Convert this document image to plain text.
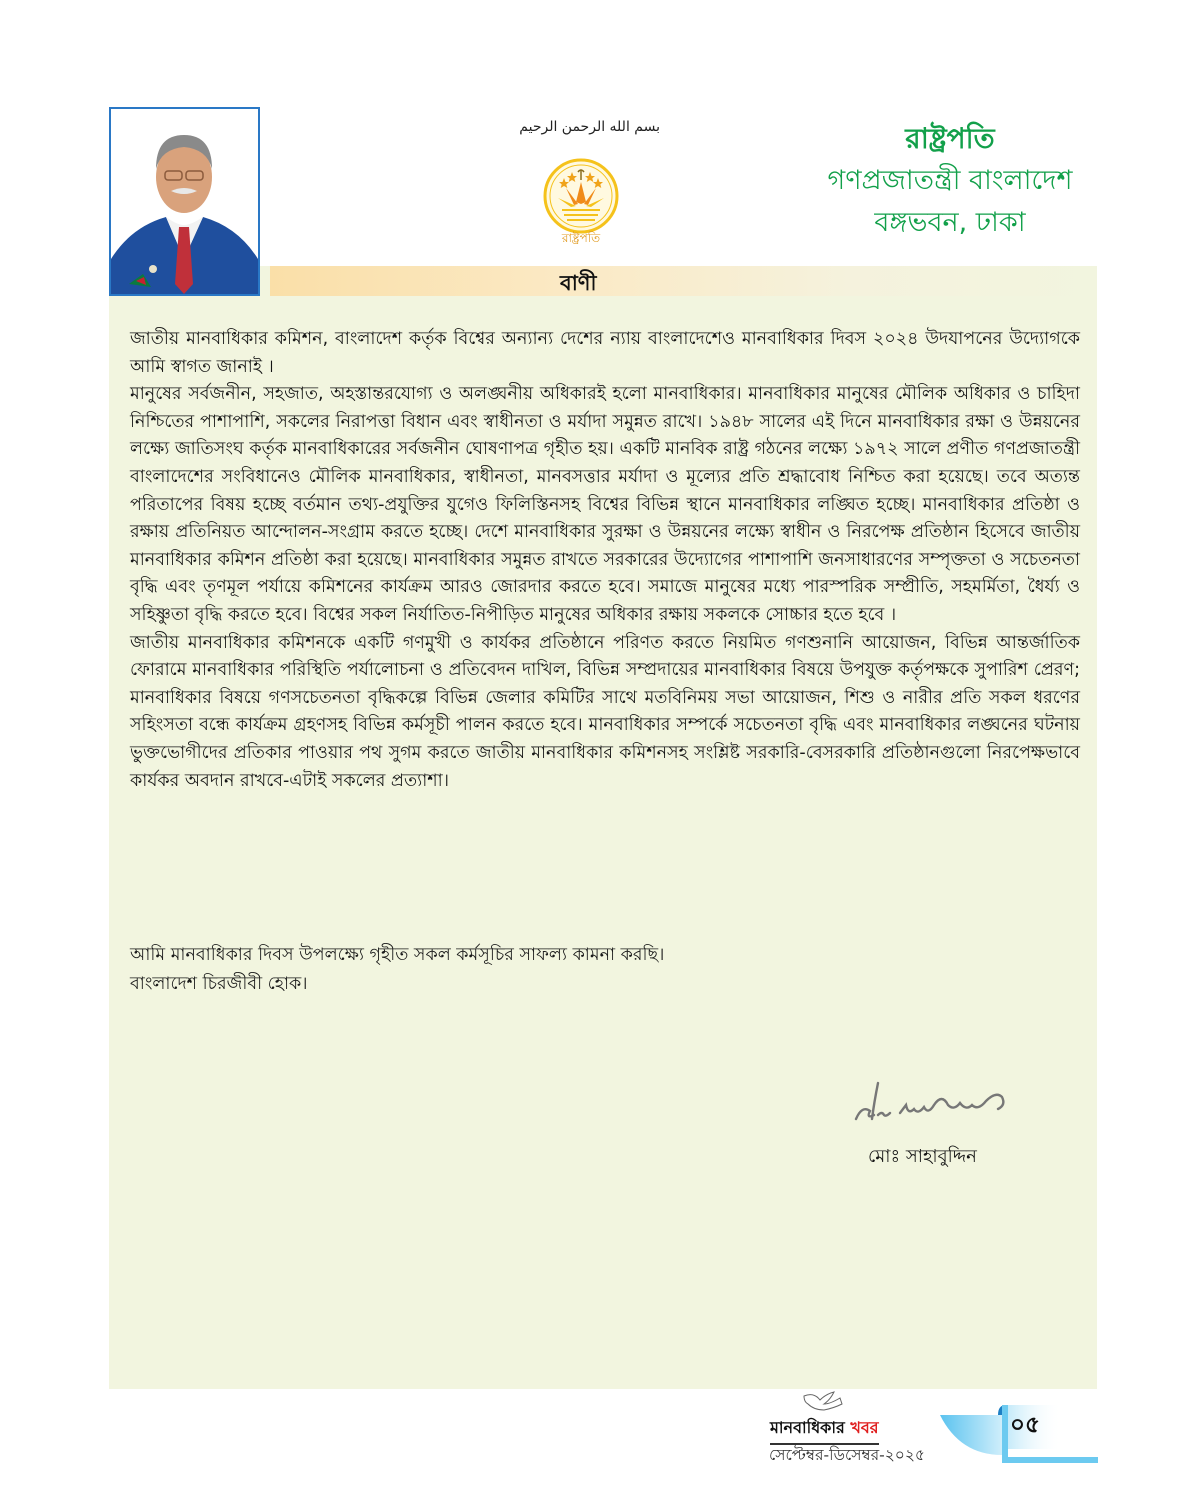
বাণী
بسم الله الرحمن الرحيم
রাষ্ট্রপতি
রাষ্ট্রপতি
গণপ্রজাতন্ত্রী বাংলাদেশ
বঙ্গভবন, ঢাকা

জাতীয় মানবাধিকার কমিশন, বাংলাদেশ কর্তৃক বিশ্বের অন্যান্য দেশের ন্যায় বাংলাদেশেও মানবাধিকার দিবস ২০২৪ উদযাপনের উদ্যোগকে আমি স্বাগত জানাই ।

মানুষের সর্বজনীন, সহজাত, অহস্তান্তরযোগ্য ও অলঙ্ঘনীয় অধিকারই হলো মানবাধিকার। মানবাধিকার মানুষের মৌলিক অধিকার ও চাহিদা নিশ্চিতের পাশাপাশি, সকলের নিরাপত্তা বিধান এবং স্বাধীনতা ও মর্যাদা সমুন্নত রাখে। ১৯৪৮ সালের এই দিনে মানবাধিকার রক্ষা ও উন্নয়নের লক্ষ্যে জাতিসংঘ কর্তৃক মানবাধিকারের সর্বজনীন ঘোষণাপত্র গৃহীত হয়। একটি মানবিক রাষ্ট্র গঠনের লক্ষ্যে ১৯৭২ সালে প্রণীত গণপ্রজাতন্ত্রী বাংলাদেশের সংবিধানেও মৌলিক মানবাধিকার, স্বাধীনতা, মানবসত্তার মর্যাদা ও মূল্যের প্রতি শ্রদ্ধাবোধ নিশ্চিত করা হয়েছে। তবে অত্যন্ত পরিতাপের বিষয় হচ্ছে বর্তমান তথ্য-প্রযুক্তির যুগেও ফিলিস্তিনসহ বিশ্বের বিভিন্ন স্থানে মানবাধিকার লঙ্ঘিত হচ্ছে। মানবাধিকার প্রতিষ্ঠা ও রক্ষায় প্রতিনিয়ত আন্দোলন-সংগ্রাম করতে হচ্ছে। দেশে মানবাধিকার সুরক্ষা ও উন্নয়নের লক্ষ্যে স্বাধীন ও নিরপেক্ষ প্রতিষ্ঠান হিসেবে জাতীয় মানবাধিকার কমিশন প্রতিষ্ঠা করা হয়েছে। মানবাধিকার সমুন্নত রাখতে সরকারের উদ্যোগের পাশাপাশি জনসাধারণের সম্পৃক্ততা ও সচেতনতা বৃদ্ধি এবং তৃণমূল পর্যায়ে কমিশনের কার্যক্রম আরও জোরদার করতে হবে। সমাজে মানুষের মধ্যে পারস্পরিক সম্প্রীতি, সহমর্মিতা, ধৈর্য্য ও সহিষ্ণুতা বৃদ্ধি করতে হবে। বিশ্বের সকল নির্যাতিত-নিপীড়িত মানুষের অধিকার রক্ষায় সকলকে সোচ্চার হতে হবে ।

জাতীয় মানবাধিকার কমিশনকে একটি গণমুখী ও কার্যকর প্রতিষ্ঠানে পরিণত করতে নিয়মিত গণশুনানি আয়োজন, বিভিন্ন আন্তর্জাতিক ফোরামে মানবাধিকার পরিস্থিতি পর্যালোচনা ও প্রতিবেদন দাখিল, বিভিন্ন সম্প্রদায়ের মানবাধিকার বিষয়ে উপযুক্ত কর্তৃপক্ষকে সুপারিশ প্রেরণ; মানবাধিকার বিষয়ে গণসচেতনতা বৃদ্ধিকল্পে বিভিন্ন জেলার কমিটির সাথে মতবিনিময় সভা আয়োজন, শিশু ও নারীর প্রতি সকল ধরণের সহিংসতা বন্ধে কার্যক্রম গ্রহণসহ বিভিন্ন কর্মসূচী পালন করতে হবে। মানবাধিকার সম্পর্কে সচেতনতা বৃদ্ধি এবং মানবাধিকার লঙ্ঘনের ঘটনায় ভুক্তভোগীদের প্রতিকার পাওয়ার পথ সুগম করতে জাতীয় মানবাধিকার কমিশনসহ সংশ্লিষ্ট সরকারি-বেসরকারি প্রতিষ্ঠানগুলো নিরপেক্ষভাবে কার্যকর অবদান রাখবে-এটাই সকলের প্রত্যাশা।

আমি মানবাধিকার দিবস উপলক্ষ্যে গৃহীত সকল কর্মসূচির সাফল্য কামনা করছি।

বাংলাদেশ চিরজীবী হোক।

মোঃ সাহাবুদ্দিন
মানবাধিকার খবর
সেপ্টেম্বর-ডিসেম্বর-২০২৫
০৫
